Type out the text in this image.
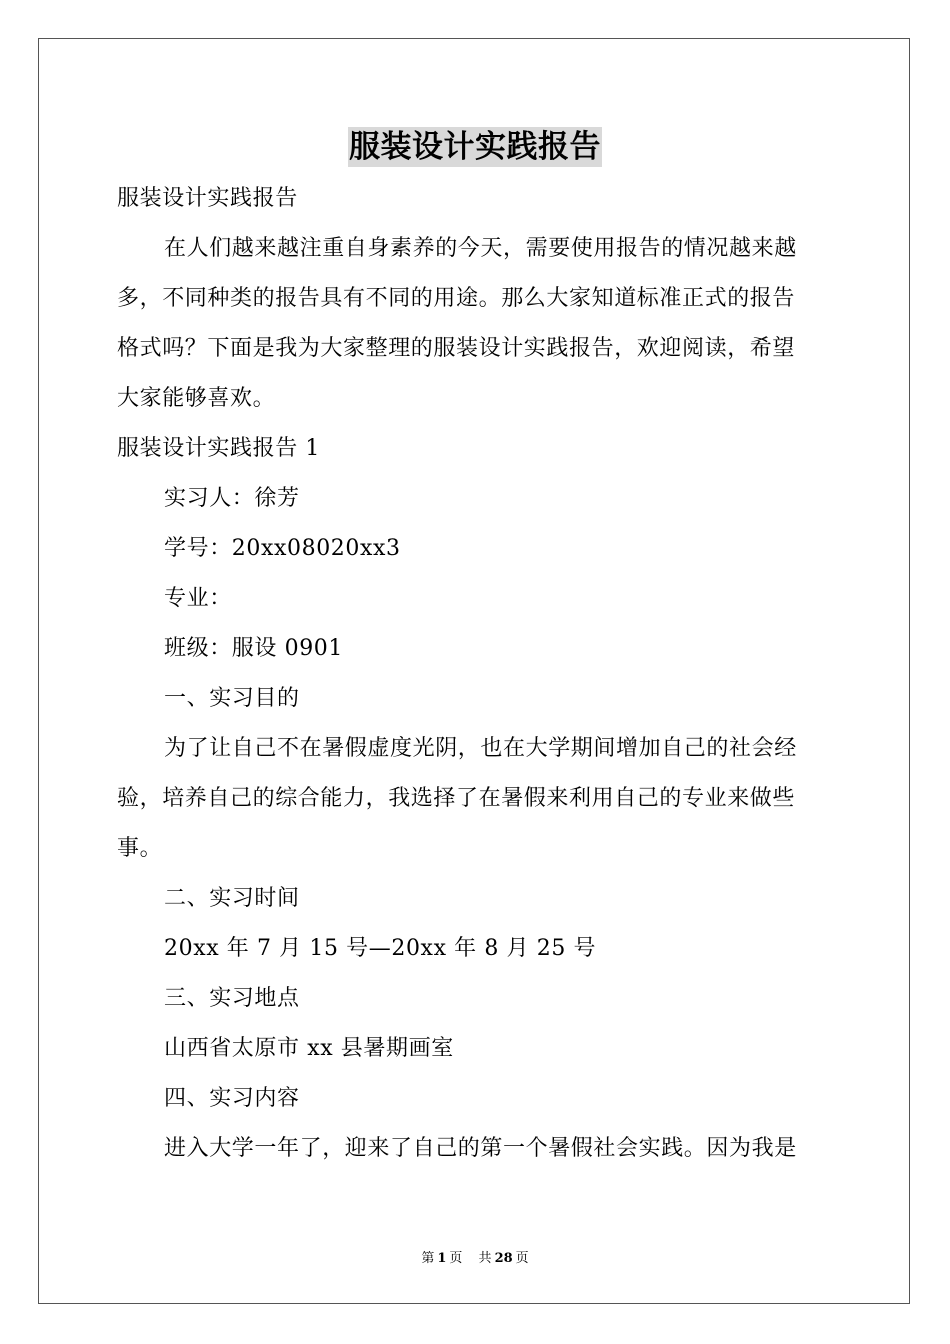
服装设计实践报告
服装设计实践报告
在人们越来越注重自身素养的今天，需要使用报告的情况越来越
多，不同种类的报告具有不同的用途。那么大家知道标准正式的报告
格式吗？下面是我为大家整理的服装设计实践报告，欢迎阅读，希望
大家能够喜欢。
服装设计实践报告 1
实习人：徐芳
学号：20xx08020xx3
专业：
班级：服设 0901
一、实习目的
为了让自己不在暑假虚度光阴，也在大学期间增加自己的社会经
验，培养自己的综合能力，我选择了在暑假来利用自己的专业来做些
事。
二、实习时间
20xx 年 7 月 15 号—20xx 年 8 月 25 号
三、实习地点
山西省太原市 xx 县暑期画室
四、实习内容
进入大学一年了，迎来了自己的第一个暑假社会实践。因为我是
第 1 页 共 28 页
